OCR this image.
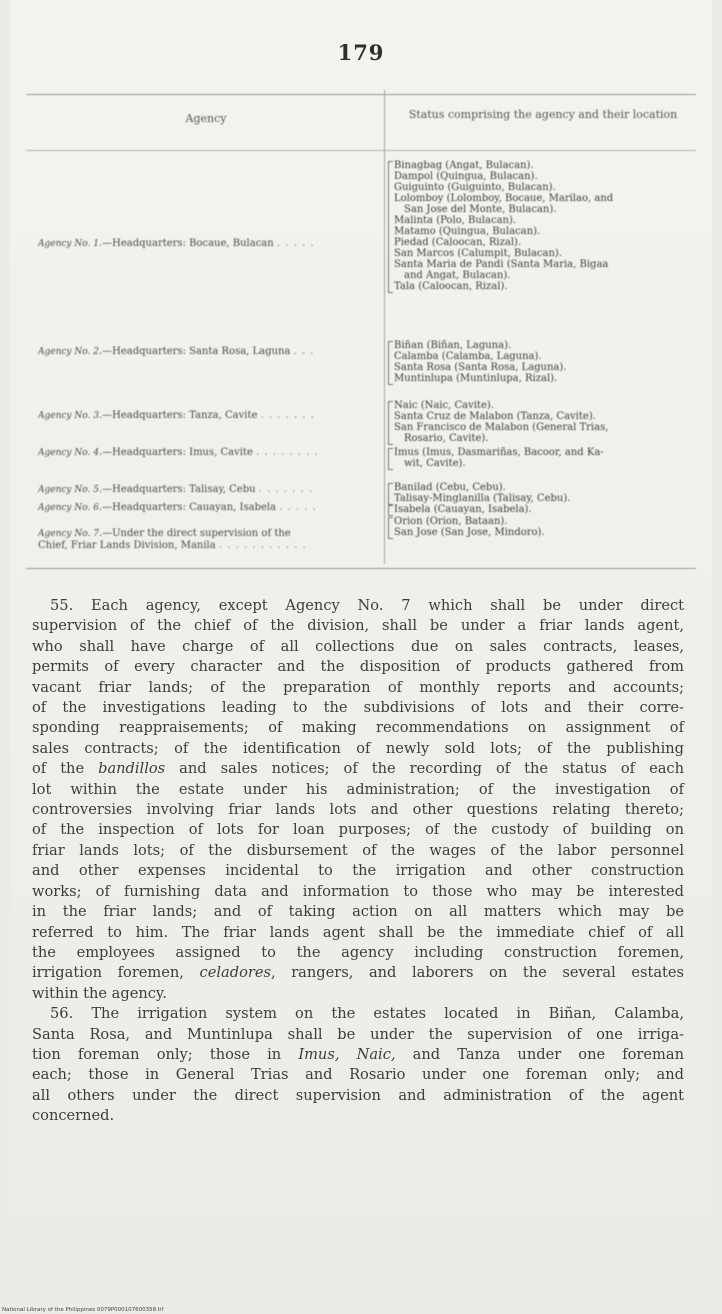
179
Agency	Status comprising the agency and their location

Binagbag (Angat, Bulacan).

Dampol (Quingua, Bulacan).

Guiguinto (Guiguinto, Bulacan).

Lolomboy (Lolomboy, Bocaue, Marilao, and

San Jose del Monte, Bulacan).

Malinta (Polo, Bulacan).

Matamo (Quingua, Bulacan).

Piedad (Caloocan, Rizal).

San Marcos (Calumpit, Bulacan).

Santa Maria de Pandi (Santa Maria, Bigaa

and Angat, Bulacan).

Tala (Caloocan, Rizal).

Agency No. 1.—Headquarters: Bocaue, Bulacan . . . . .

Biñan (Biñan, Laguna).

Calamba (Calamba, Laguna).

Santa Rosa (Santa Rosa, Laguna).

Muntinlupa (Muntinlupa, Rizal).

Agency No. 2.—Headquarters: Santa Rosa, Laguna . . .

Naic (Naic, Cavite).

Santa Cruz de Malabon (Tanza, Cavite).

San Francisco de Malabon (General Trias,

Rosario, Cavite).

Agency No. 3.—Headquarters: Tanza, Cavite . . . . . . .

Imus (Imus, Dasmariñas, Bacoor, and Ka-

wit, Cavite).

Agency No. 4.—Headquarters: Imus, Cavite . . . . . . . .

Banilad (Cebu, Cebu).

Talisay-Minglanilla (Talisay, Cebu).

Agency No. 5.—Headquarters: Talisay, Cebu . . . . . . .

Isabela (Cauayan, Isabela).

Agency No. 6.—Headquarters: Cauayan, Isabela . . . . .

Orion (Orion, Bataan).

San Jose (San Jose, Mindoro).

Agency No. 7.—Under the direct supervision of the
Chief, Friar Lands Division, Manila . . . . . . . . . . .
55. Each agency, except Agency No. 7 which shall be under direct
supervision of the chief of the division, shall be under a friar lands agent,
who shall have charge of all collections due on sales contracts, leases,
permits of every character and the disposition of products gathered from
vacant friar lands; of the preparation of monthly reports and accounts;
of the investigations leading to the subdivisions of lots and their corre-
sponding reappraisements; of making recommendations on assignment of
sales contracts; of the identification of newly sold lots; of the publishing
of the bandillos and sales notices; of the recording of the status of each
lot within the estate under his administration; of the investigation of
controversies involving friar lands lots and other questions relating thereto;
of the inspection of lots for loan purposes; of the custody of building on
friar lands lots; of the disbursement of the wages of the labor personnel
and other expenses incidental to the irrigation and other construction
works; of furnishing data and information to those who may be interested
in the friar lands; and of taking action on all matters which may be
referred to him. The friar lands agent shall be the immediate chief of all
the employees assigned to the agency including construction foremen,
irrigation foremen, celadores, rangers, and laborers on the several estates
within the agency.
56. The irrigation system on the estates located in Biñan, Calamba,
Santa Rosa, and Muntinlupa shall be under the supervision of one irriga-
tion foreman only; those in Imus, Naic, and Tanza under one foreman
each; those in General Trias and Rosario under one foreman only; and
all others under the direct supervision and administration of the agent
concerned.
National Library of the Philippines 0079P000107600358.tif
